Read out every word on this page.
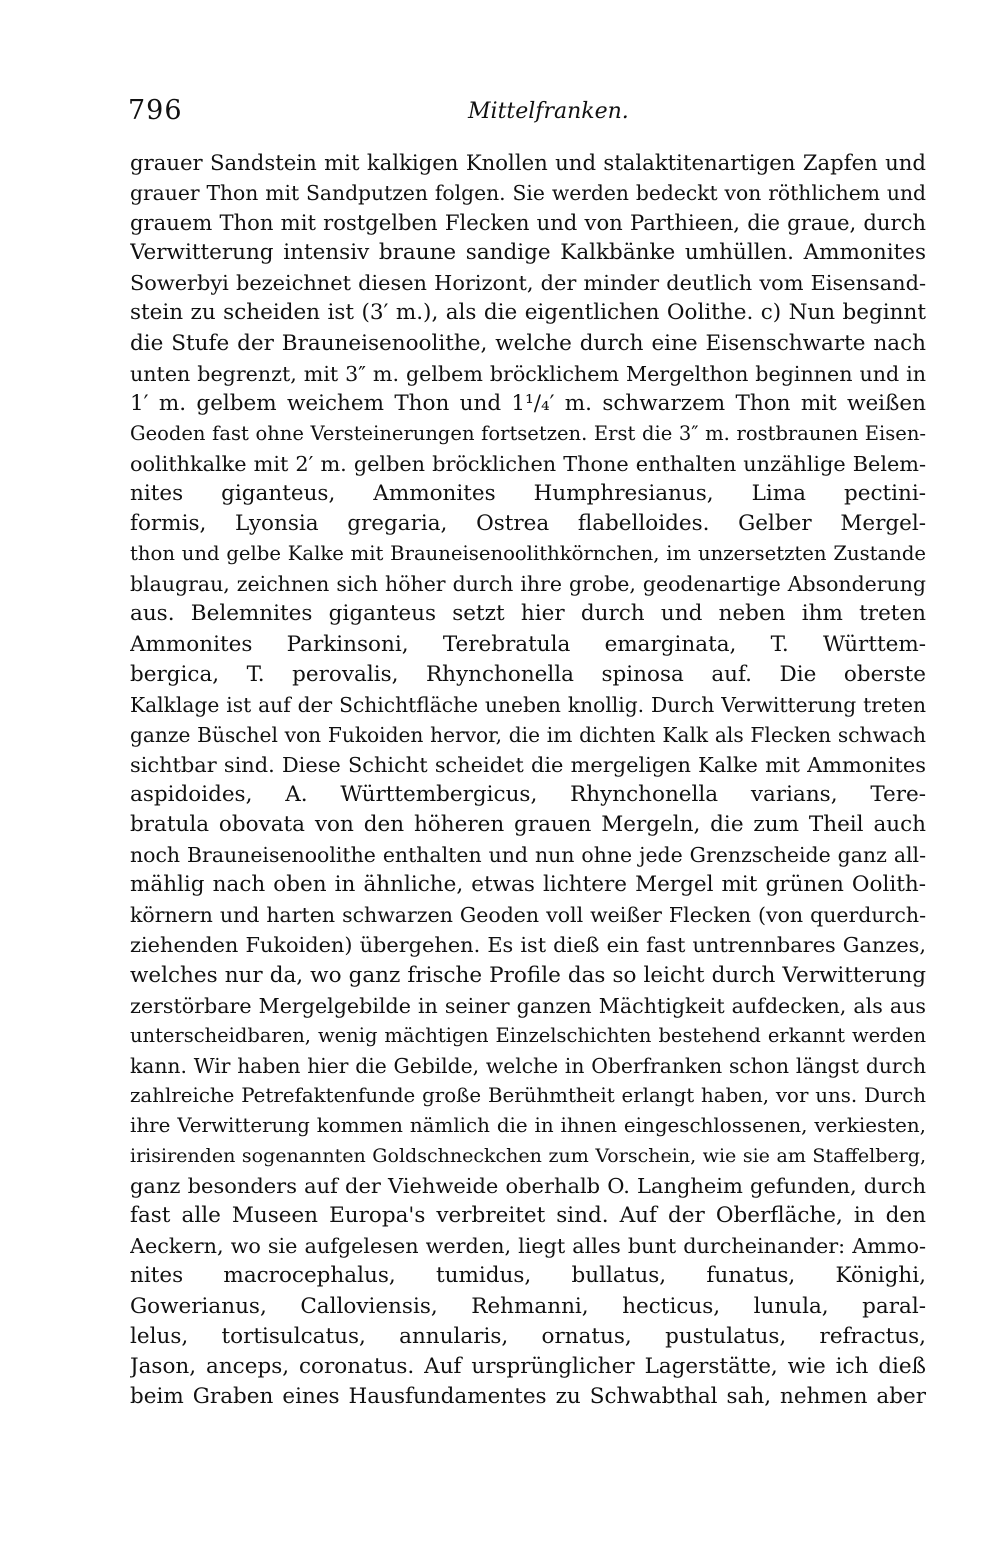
796	Mittelfranken.
grauer Sandstein mit kalkigen Knollen und stalaktitenartigen Zapfen und
grauer Thon mit Sandputzen folgen. Sie werden bedeckt von röthlichem und
grauem Thon mit rostgelben Flecken und von Parthieen, die graue, durch
Verwitterung intensiv braune sandige Kalkbänke umhüllen. Ammonites
Sowerbyi bezeichnet diesen Horizont, der minder deutlich vom Eisensand-
stein zu scheiden ist (3′ m.), als die eigentlichen Oolithe. c) Nun beginnt
die Stufe der Brauneisenoolithe, welche durch eine Eisenschwarte nach
unten begrenzt, mit 3″ m. gelbem bröcklichem Mergelthon beginnen und in
1′ m. gelbem weichem Thon und 1¹/₄′ m. schwarzem Thon mit weißen
Geoden fast ohne Versteinerungen fortsetzen. Erst die 3″ m. rostbraunen Eisen-
oolithkalke mit 2′ m. gelben bröcklichen Thone enthalten unzählige Belem-
nites giganteus, Ammonites Humphresianus, Lima pectini-
formis, Lyonsia gregaria, Ostrea flabelloides. Gelber Mergel-
thon und gelbe Kalke mit Brauneisenoolithkörnchen, im unzersetzten Zustande
blaugrau, zeichnen sich höher durch ihre grobe, geodenartige Absonderung
aus. Belemnites giganteus setzt hier durch und neben ihm treten
Ammonites Parkinsoni, Terebratula emarginata, T. Württem-
bergica, T. perovalis, Rhynchonella spinosa auf. Die oberste
Kalklage ist auf der Schichtfläche uneben knollig. Durch Verwitterung treten
ganze Büschel von Fukoiden hervor, die im dichten Kalk als Flecken schwach
sichtbar sind. Diese Schicht scheidet die mergeligen Kalke mit Ammonites
aspidoides, A. Württembergicus, Rhynchonella varians, Tere-
bratula obovata von den höheren grauen Mergeln, die zum Theil auch
noch Brauneisenoolithe enthalten und nun ohne jede Grenzscheide ganz all-
mählig nach oben in ähnliche, etwas lichtere Mergel mit grünen Oolith-
körnern und harten schwarzen Geoden voll weißer Flecken (von querdurch-
ziehenden Fukoiden) übergehen. Es ist dieß ein fast untrennbares Ganzes,
welches nur da, wo ganz frische Profile das so leicht durch Verwitterung
zerstörbare Mergelgebilde in seiner ganzen Mächtigkeit aufdecken, als aus
unterscheidbaren, wenig mächtigen Einzelschichten bestehend erkannt werden
kann. Wir haben hier die Gebilde, welche in Oberfranken schon längst durch
zahlreiche Petrefaktenfunde große Berühmtheit erlangt haben, vor uns. Durch
ihre Verwitterung kommen nämlich die in ihnen eingeschlossenen, verkiesten,
irisirenden sogenannten Goldschneckchen zum Vorschein, wie sie am Staffelberg,
ganz besonders auf der Viehweide oberhalb O. Langheim gefunden, durch
fast alle Museen Europa's verbreitet sind. Auf der Oberfläche, in den
Aeckern, wo sie aufgelesen werden, liegt alles bunt durcheinander: Ammo-
nites macrocephalus, tumidus, bullatus, funatus, Könighi,
Gowerianus, Calloviensis, Rehmanni, hecticus, lunula, paral-
lelus, tortisulcatus, annularis, ornatus, pustulatus, refractus,
Jason, anceps, coronatus. Auf ursprünglicher Lagerstätte, wie ich dieß
beim Graben eines Hausfundamentes zu Schwabthal sah, nehmen aber
